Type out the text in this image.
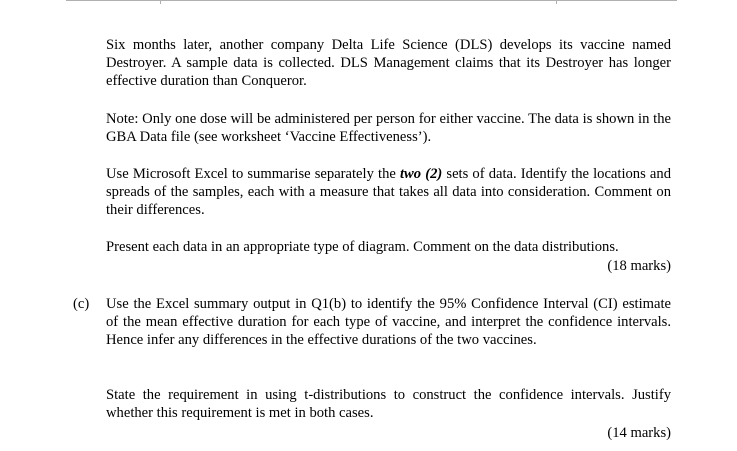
Six months later, another company Delta Life Science (DLS) develops its vaccine named Destroyer. A sample data is collected. DLS Management claims that its Destroyer has longer effective duration than Conqueror.

Note: Only one dose will be administered per person for either vaccine. The data is shown in the GBA Data file (see worksheet ‘Vaccine Effectiveness’).

Use Microsoft Excel to summarise separately the two (2) sets of data. Identify the locations and spreads of the samples, each with a measure that takes all data into consideration. Comment on their differences.

Present each data in an appropriate type of diagram. Comment on the data distributions.

(18 marks)

(c) Use the Excel summary output in Q1(b) to identify the 95% Confidence Interval (CI) estimate of the mean effective duration for each type of vaccine, and interpret the confidence intervals. Hence infer any differences in the effective durations of the two vaccines.

State the requirement in using t-distributions to construct the confidence intervals. Justify whether this requirement is met in both cases.

(14 marks)
